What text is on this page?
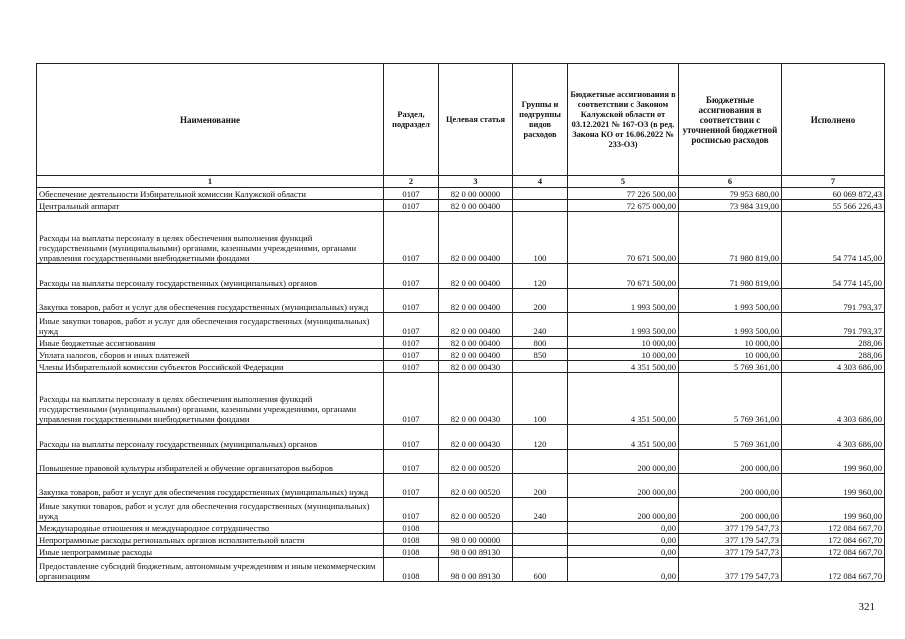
Наименование	Раздел, подраздел	Целевая статья	Группы и подгруппы видов расходов	Бюджетные ассигнования в соответствии с Законом Калужской области от 03.12.2021 № 167-ОЗ (в ред. Закона КО от 16.06.2022 № 233-ОЗ)	Бюджетные ассигнования в соответствии с уточненной бюджетной росписью расходов	Исполнено
1	2	3	4	5	6	7
Обеспечение деятельности Избирательной комиссии Калужской области	0107	82 0 00 00000		77 226 500,00	79 953 680,00	60 069 872,43
Центральный аппарат	0107	82 0 00 00400		72 675 000,00	73 984 319,00	55 566 226,43
Расходы на выплаты персоналу в целях обеспечения выполнения функций государственными (муниципальными) органами, казенными учреждениями, органами управления государственными внебюджетными фондами	0107	82 0 00 00400	100	70 671 500,00	71 980 819,00	54 774 145,00
Расходы на выплаты персоналу государственных (муниципальных) органов	0107	82 0 00 00400	120	70 671 500,00	71 980 819,00	54 774 145,00
Закупка товаров, работ и услуг для обеспечения государственных (муниципальных) нужд	0107	82 0 00 00400	200	1 993 500,00	1 993 500,00	791 793,37
Иные закупки товаров, работ и услуг для обеспечения государственных (муниципальных) нужд	0107	82 0 00 00400	240	1 993 500,00	1 993 500,00	791 793,37
Иные бюджетные ассигнования	0107	82 0 00 00400	800	10 000,00	10 000,00	288,06
Уплата налогов, сборов и иных платежей	0107	82 0 00 00400	850	10 000,00	10 000,00	288,06
Члены Избирательной комиссии субъектов Российской Федерации	0107	82 0 00 00430		4 351 500,00	5 769 361,00	4 303 686,00
Расходы на выплаты персоналу в целях обеспечения выполнения функций государственными (муниципальными) органами, казенными учреждениями, органами управления государственными внебюджетными фондами	0107	82 0 00 00430	100	4 351 500,00	5 769 361,00	4 303 686,00
Расходы на выплаты персоналу государственных (муниципальных) органов	0107	82 0 00 00430	120	4 351 500,00	5 769 361,00	4 303 686,00
Повышение правовой культуры избирателей и обучение организаторов выборов	0107	82 0 00 00520		200 000,00	200 000,00	199 960,00
Закупка товаров, работ и услуг для обеспечения государственных (муниципальных) нужд	0107	82 0 00 00520	200	200 000,00	200 000,00	199 960,00
Иные закупки товаров, работ и услуг для обеспечения государственных (муниципальных) нужд	0107	82 0 00 00520	240	200 000,00	200 000,00	199 960,00
Международные отношения и международное сотрудничество	0108			0,00	377 179 547,73	172 084 667,70
Непрограммные расходы региональных органов исполнительной власти	0108	98 0 00 00000		0,00	377 179 547,73	172 084 667,70
Иные непрограммные расходы	0108	98 0 00 89130		0,00	377 179 547,73	172 084 667,70
Предоставление субсидий бюджетным, автономным учреждениям и иным некоммерческим организациям	0108	98 0 00 89130	600	0,00	377 179 547,73	172 084 667,70
321
